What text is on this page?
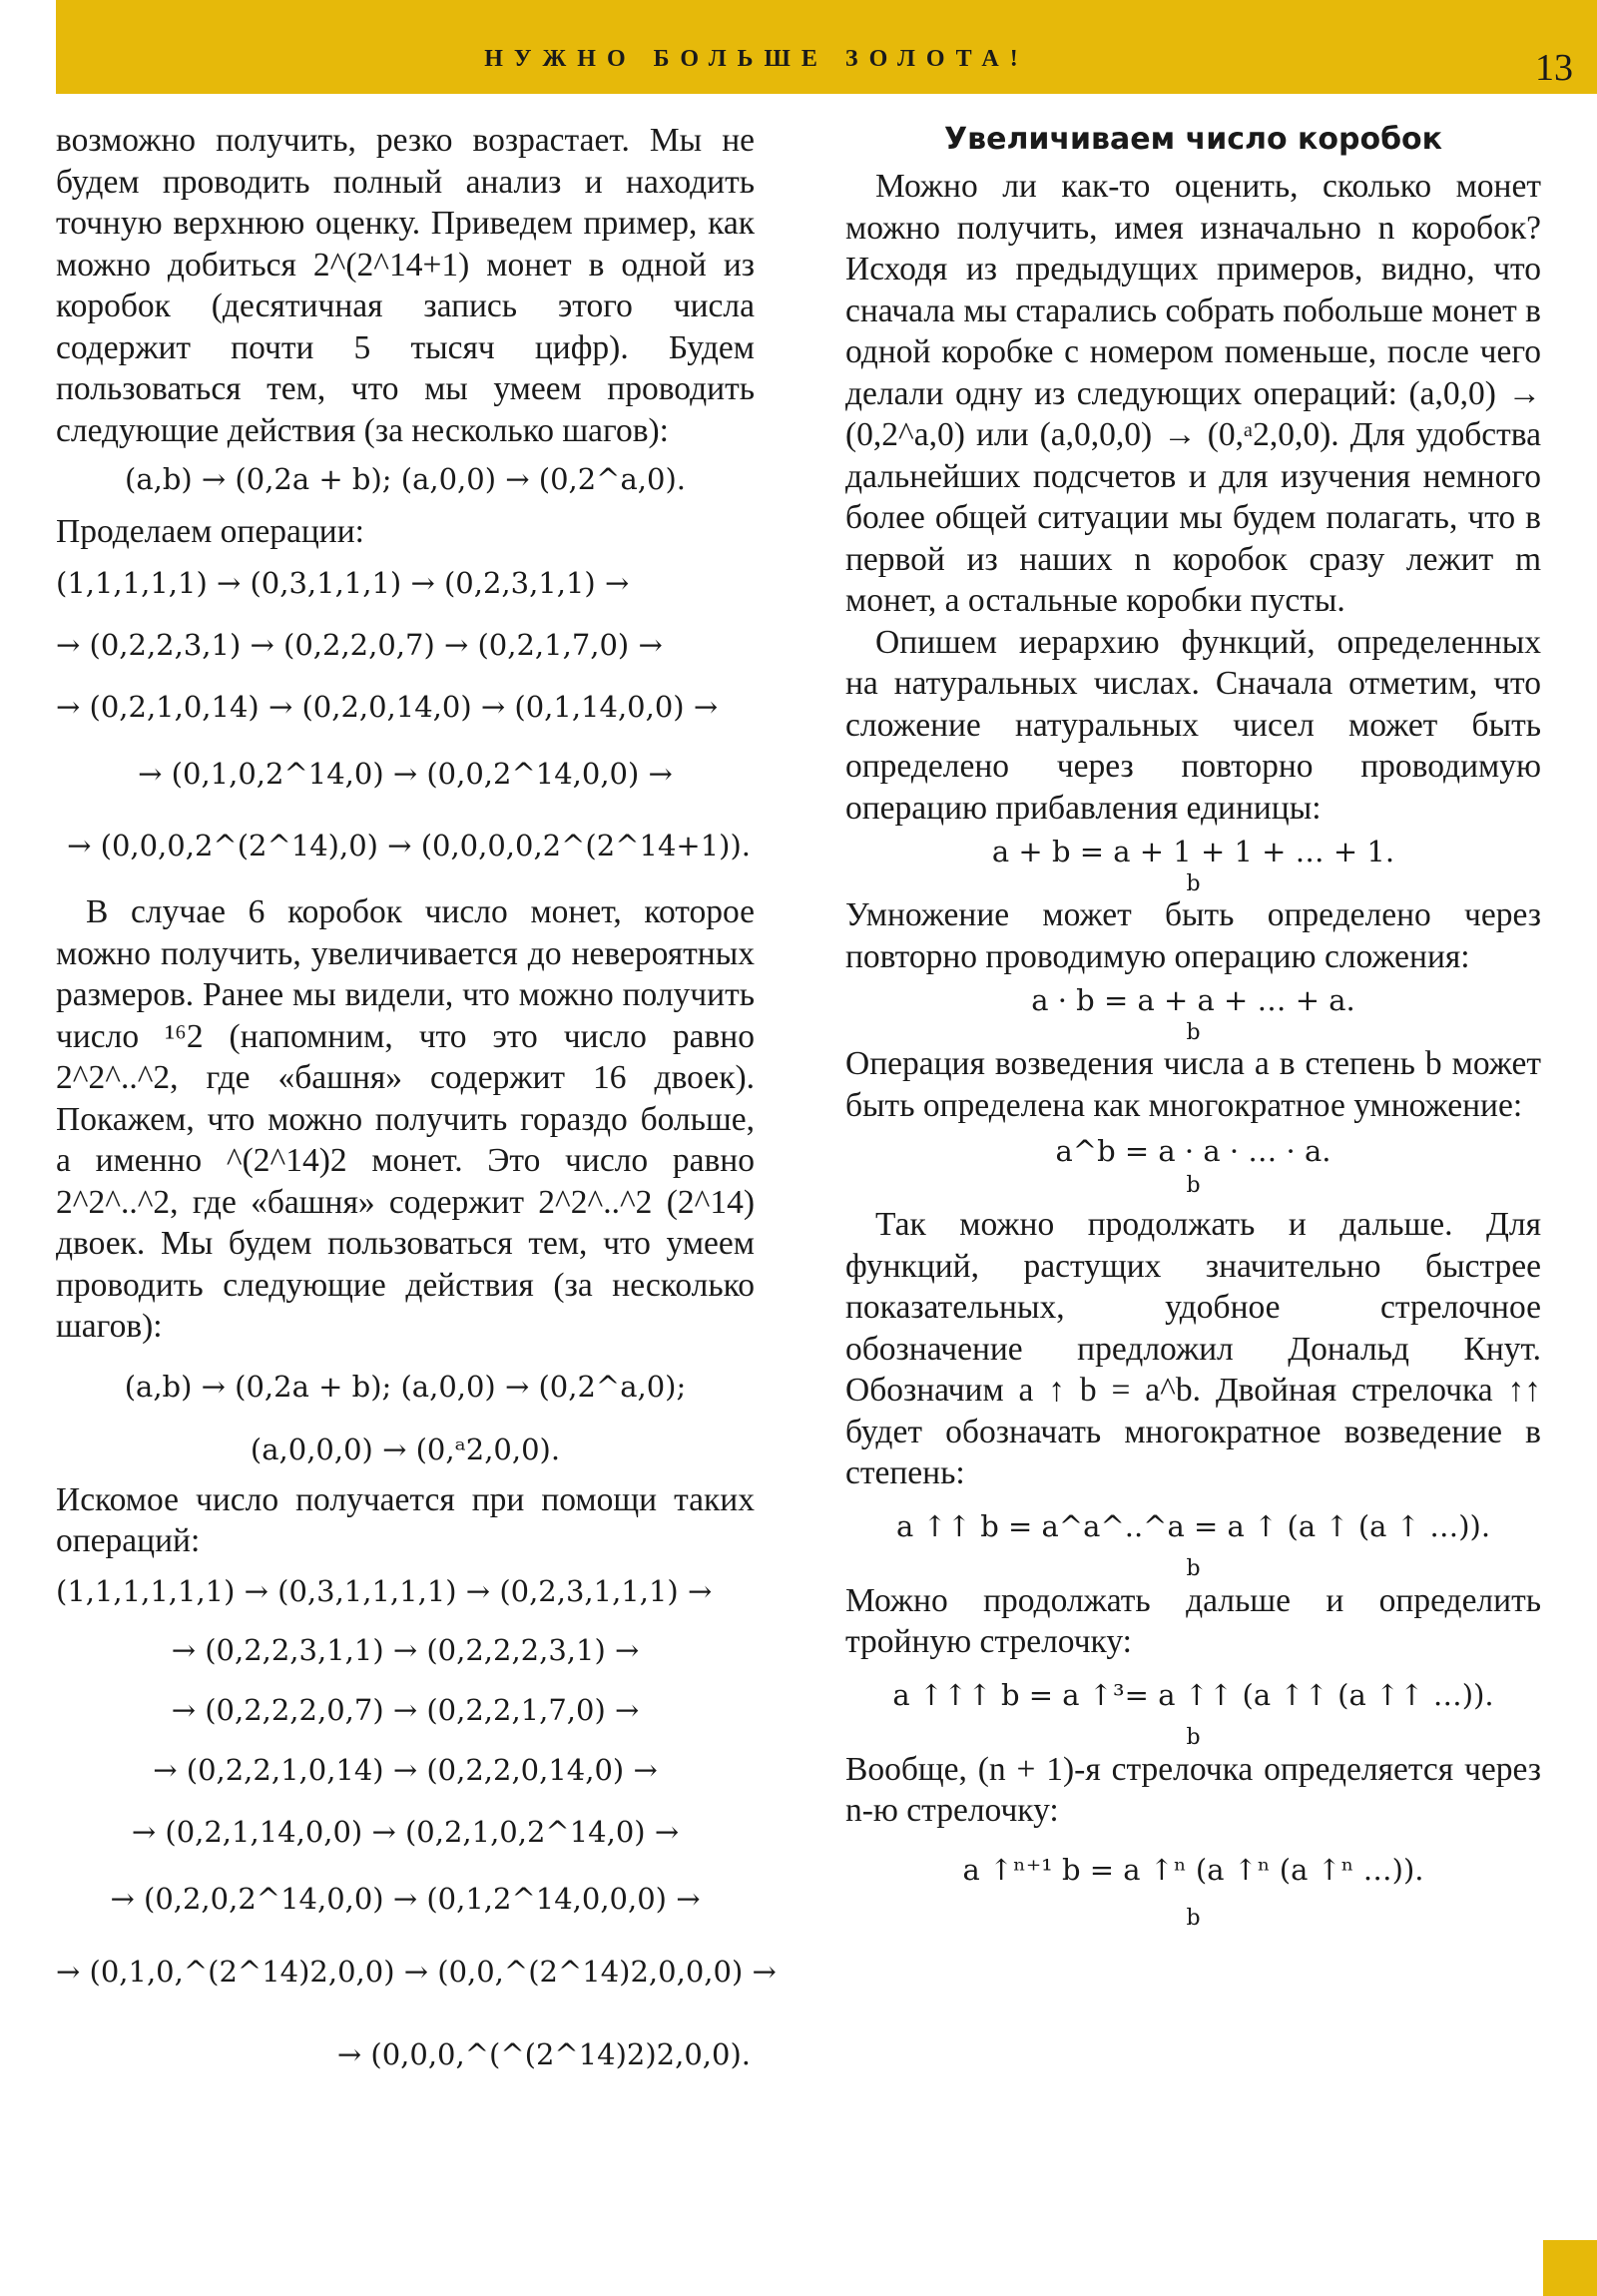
НУЖНО БОЛЬШЕ ЗОЛОТА!	13

возможно получить, резко возрастает. Мы не будем проводить полный анализ и находить точную верхнюю оценку. Приведем пример, как можно добиться 2^(2^14+1) монет в одной из коробок (десятичная запись этого числа содержит почти 5 тысяч цифр). Будем пользоваться тем, что мы умеем проводить следующие действия (за несколько шагов):

(a,b) → (0,2a + b); (a,0,0) → (0,2^a,0).

Проделаем операции:

(1,1,1,1,1) → (0,3,1,1,1) → (0,2,3,1,1) →
→ (0,2,2,3,1) → (0,2,2,0,7) → (0,2,1,7,0) →
→ (0,2,1,0,14) → (0,2,0,14,0) → (0,1,14,0,0) →
→ (0,1,0,2^14,0) → (0,0,2^14,0,0) →
→ (0,0,0,2^(2^14),0) → (0,0,0,0,2^(2^14+1)).

В случае 6 коробок число монет, которое можно получить, увеличивается до невероятных размеров. Ранее мы видели, что можно получить число ¹⁶2 (напомним, что это число равно 2^2^..^2, где «башня» содержит 16 двоек). Покажем, что можно получить гораздо больше, а именно ^(2^14)2 монет. Это число равно 2^2^..^2, где «башня» содержит 2^2^..^2 (2^14) двоек. Мы будем пользоваться тем, что умеем проводить следующие действия (за несколько шагов):

(a,b) → (0,2a + b); (a,0,0) → (0,2^a,0);
(a,0,0,0) → (0,ᵃ2,0,0).

Искомое число получается при помощи таких операций:

(1,1,1,1,1,1) → (0,3,1,1,1,1) → (0,2,3,1,1,1) →
→ (0,2,2,3,1,1) → (0,2,2,2,3,1) →
→ (0,2,2,2,0,7) → (0,2,2,1,7,0) →
→ (0,2,2,1,0,14) → (0,2,2,0,14,0) →
→ (0,2,1,14,0,0) → (0,2,1,0,2^14,0) →
→ (0,2,0,2^14,0,0) → (0,1,2^14,0,0,0) →
→ (0,1,0,^(2^14)2,0,0) → (0,0,^(2^14)2,0,0,0) →
→ (0,0,0,^(^(2^14)2)2,0,0).
Увеличиваем число коробок

Можно ли как-то оценить, сколько монет можно получить, имея изначально n коробок? Исходя из предыдущих примеров, видно, что сначала мы старались собрать побольше монет в одной коробке с номером поменьше, после чего делали одну из следующих операций: (a,0,0) → (0,2^a,0) или (a,0,0,0) → (0,ᵃ2,0,0). Для удобства дальнейших подсчетов и для изучения немного более общей ситуации мы будем полагать, что в первой из наших n коробок сразу лежит m монет, а остальные коробки пусты.

Опишем иерархию функций, определенных на натуральных числах. Сначала отметим, что сложение натуральных чисел может быть определено через повторно проводимую операцию прибавления единицы:

a + b = a + 1 + 1 + … + 1.
b

Умножение может быть определено через повторно проводимую операцию сложения:

a · b = a + a + … + a.
b

Операция возведения числа a в степень b может быть определена как многократное умножение:

a^b = a · a · … · a.
b

Так можно продолжать и дальше. Для функций, растущих значительно быстрее показательных, удобное стрелочное обозначение предложил Дональд Кнут. Обозначим a ↑ b = a^b. Двойная стрелочка ↑↑ будет обозначать многократное возведение в степень:

a ↑↑ b = a^a^..^a = a ↑ (a ↑ (a ↑ …)).
b

Можно продолжать дальше и определить тройную стрелочку:

a ↑↑↑ b = a ↑³= a ↑↑ (a ↑↑ (a ↑↑ …)).
b

Вообще, (n + 1)-я стрелочка определяется через n-ю стрелочку:

a ↑ⁿ⁺¹ b = a ↑ⁿ (a ↑ⁿ (a ↑ⁿ …)).
b
